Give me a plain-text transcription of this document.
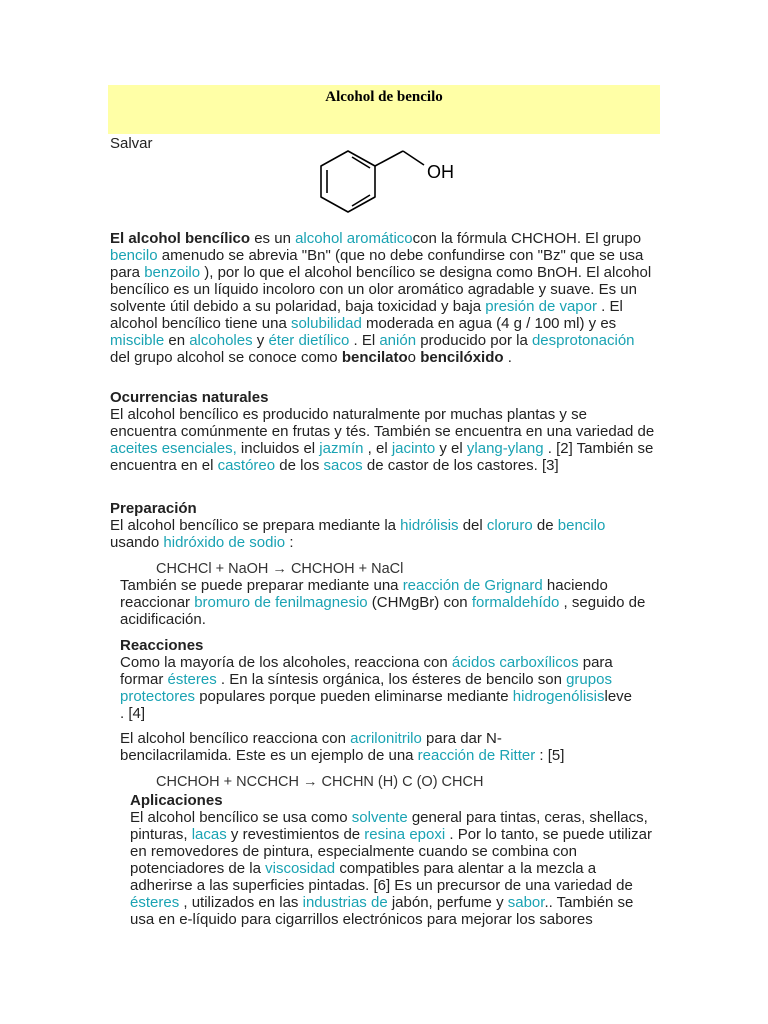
Alcohol de bencilo
Salvar
OH

El alcohol bencílico es un alcohol aromáticocon la fórmula CHCHOH. El grupo bencilo amenudo se abrevia "Bn" (que no debe confundirse con "Bz" que se usa para benzoilo ), por lo que el alcohol bencílico se designa como BnOH. El alcohol bencílico es un líquido incoloro con un olor aromático agradable y suave. Es un solvente útil debido a su polaridad, baja toxicidad y baja presión de vapor . El alcohol bencílico tiene una solubilidad moderada en agua (4 g / 100 ml) y es miscible en alcoholes y éter dietílico . El anión producido por la desprotonación del grupo alcohol se conoce como bencilatoo bencilóxido .

Ocurrencias naturales

El alcohol bencílico es producido naturalmente por muchas plantas y se encuentra comúnmente en frutas y tés. También se encuentra en una variedad de aceites esenciales, incluidos el jazmín , el jacinto y el ylang-ylang . [2] También se encuentra en el castóreo de los sacos de castor de los castores. [3]

Preparación

El alcohol bencílico se prepara mediante la hidrólisis del cloruro de bencilo usando hidróxido de sodio :

CHCHCl + NaOH → CHCHOH + NaCl

También se puede preparar mediante una reacción de Grignard haciendo reaccionar bromuro de fenilmagnesio (CHMgBr) con formaldehído , seguido de acidificación.

Reacciones

Como la mayoría de los alcoholes, reacciona con ácidos carboxílicos para formar ésteres . En la síntesis orgánica, los ésteres de bencilo son grupos protectores populares porque pueden eliminarse mediante hidrogenólisisleve . [4]

El alcohol bencílico reacciona con acrilonitrilo para dar N-bencilacrilamida. Este es un ejemplo de una reacción de Ritter : [5]

CHCHOH + NCCHCH → CHCHN (H) C (O) CHCH

Aplicaciones

El alcohol bencílico se usa como solvente general para tintas, ceras, shellacs, pinturas, lacas y revestimientos de resina epoxi . Por lo tanto, se puede utilizar en removedores de pintura, especialmente cuando se combina con potenciadores de la viscosidad compatibles para alentar a la mezcla a adherirse a las superficies pintadas. [6] Es un precursor de una variedad de ésteres , utilizados en las industrias de jabón, perfume y sabor.. También se usa en e-líquido para cigarrillos electrónicos para mejorar los sabores
